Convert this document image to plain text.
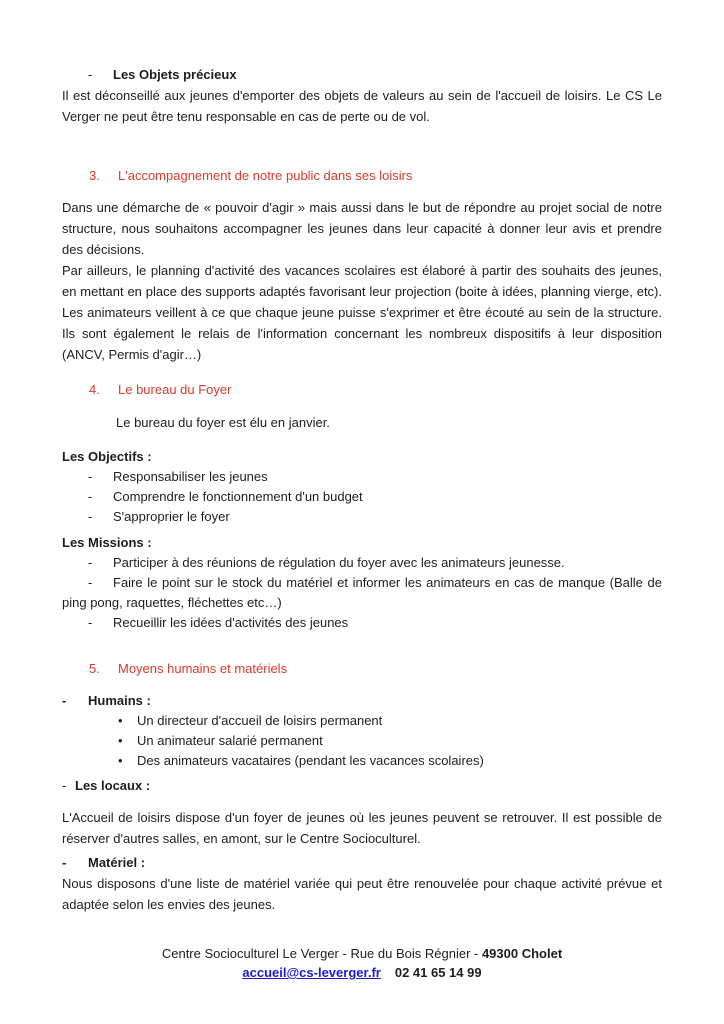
- Les Objets précieux
Il est déconseillé aux jeunes d'emporter des objets de valeurs au sein de l'accueil de loisirs. Le CS Le Verger ne peut être tenu responsable en cas de perte ou de vol.
3. L'accompagnement de notre public dans ses loisirs
Dans une démarche de « pouvoir d'agir » mais aussi dans le but de répondre au projet social de notre structure, nous souhaitons accompagner les jeunes dans leur capacité à donner leur avis et prendre des décisions.
Par ailleurs, le planning d'activité des vacances scolaires est élaboré à partir des souhaits des jeunes, en mettant en place des supports adaptés favorisant leur projection (boite à idées, planning vierge, etc). Les animateurs veillent à ce que chaque jeune puisse s'exprimer et être écouté au sein de la structure. Ils sont également le relais de l'information concernant les nombreux dispositifs à leur disposition (ANCV, Permis d'agir…)
4. Le bureau du Foyer
Le bureau du foyer est élu en janvier.
Les Objectifs :
- Responsabiliser les jeunes
- Comprendre le fonctionnement d'un budget
- S'approprier le foyer
Les Missions :
- Participer à des réunions de régulation du foyer avec les animateurs jeunesse.
- Faire le point sur le stock du matériel et informer les animateurs en cas de manque (Balle de ping pong, raquettes, fléchettes etc…)
- Recueillir les idées d'activités des jeunes
5. Moyens humains et matériels
- Humains :
• Un directeur d'accueil de loisirs permanent
• Un animateur salarié permanent
• Des animateurs vacataires (pendant les vacances scolaires)
- Les locaux :
L'Accueil de loisirs dispose d'un foyer de jeunes où les jeunes peuvent se retrouver. Il est possible de réserver d'autres salles, en amont, sur le Centre Socioculturel.
- Matériel :
Nous disposons d'une liste de matériel variée qui peut être renouvelée pour chaque activité prévue et adaptée selon les envies des jeunes.
Centre Socioculturel Le Verger - Rue du Bois Régnier - 49300 Cholet
accueil@cs-leverger.fr 02 41 65 14 99
